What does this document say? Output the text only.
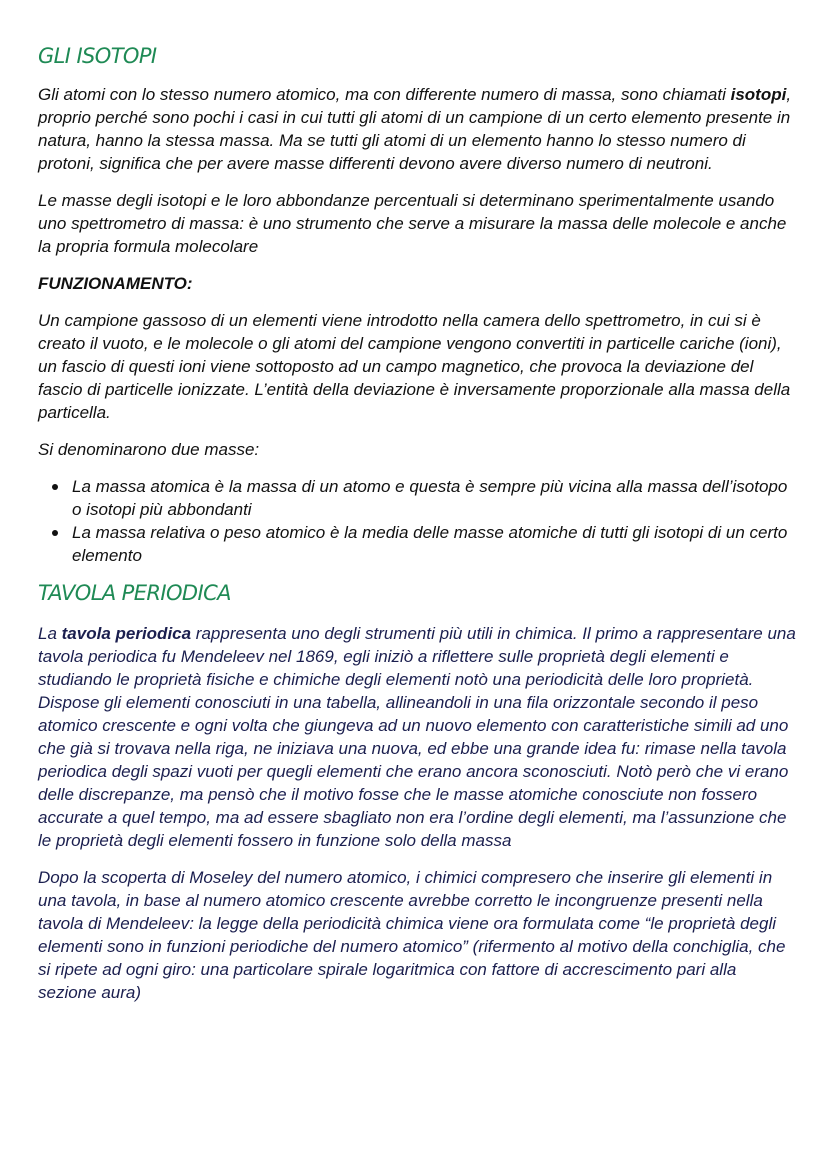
GLI ISOTOPI

Gli atomi con lo stesso numero atomico, ma con differente numero di massa, sono chiamati isotopi, proprio perché sono pochi i casi in cui tutti gli atomi di un campione di un certo elemento presente in natura, hanno la stessa massa. Ma se tutti gli atomi di un elemento hanno lo stesso numero di protoni, significa che per avere masse differenti devono avere diverso numero di neutroni.

Le masse degli isotopi e le loro abbondanze percentuali si determinano sperimentalmente usando uno spettrometro di massa: è uno strumento che serve a misurare la massa delle molecole e anche la propria formula molecolare

FUNZIONAMENTO:

Un campione gassoso di un elementi viene introdotto nella camera dello spettrometro, in cui si è creato il vuoto, e le molecole o gli atomi del campione vengono convertiti in particelle cariche (ioni), un fascio di questi ioni viene sottoposto ad un campo magnetico, che provoca la deviazione del fascio di particelle ionizzate. L’entità della deviazione è inversamente proporzionale alla massa della particella.

Si denominarono due masse:

La massa atomica è la massa di un atomo e questa è sempre più vicina alla massa dell’isotopo o isotopi più abbondanti
La massa relativa o peso atomico è la media delle masse atomiche di tutti gli isotopi di un certo elemento
TAVOLA PERIODICA

La tavola periodica rappresenta uno degli strumenti più utili in chimica. Il primo a rappresentare una tavola periodica fu Mendeleev nel 1869, egli iniziò a riflettere sulle proprietà degli elementi e studiando le proprietà fisiche e chimiche degli elementi notò una periodicità delle loro proprietà. Dispose gli elementi conosciuti in una tabella, allineandoli in una fila orizzontale secondo il peso atomico crescente e ogni volta che giungeva ad un nuovo elemento con caratteristiche simili ad uno che già si trovava nella riga, ne iniziava una nuova, ed ebbe una grande idea fu: rimase nella tavola periodica degli spazi vuoti per quegli elementi che erano ancora sconosciuti. Notò però che vi erano delle discrepanze, ma pensò che il motivo fosse che le masse atomiche conosciute non fossero accurate a quel tempo, ma ad essere sbagliato non era l’ordine degli elementi, ma l’assunzione che le proprietà degli elementi fossero in funzione solo della massa

Dopo la scoperta di Moseley del numero atomico, i chimici compresero che inserire gli elementi in una tavola, in base al numero atomico crescente avrebbe corretto le incongruenze presenti nella tavola di Mendeleev: la legge della periodicità chimica viene ora formulata come “le proprietà degli elementi sono in funzioni periodiche del numero atomico” (rifermento al motivo della conchiglia, che si ripete ad ogni giro: una particolare spirale logaritmica con fattore di accrescimento pari alla sezione aura)
